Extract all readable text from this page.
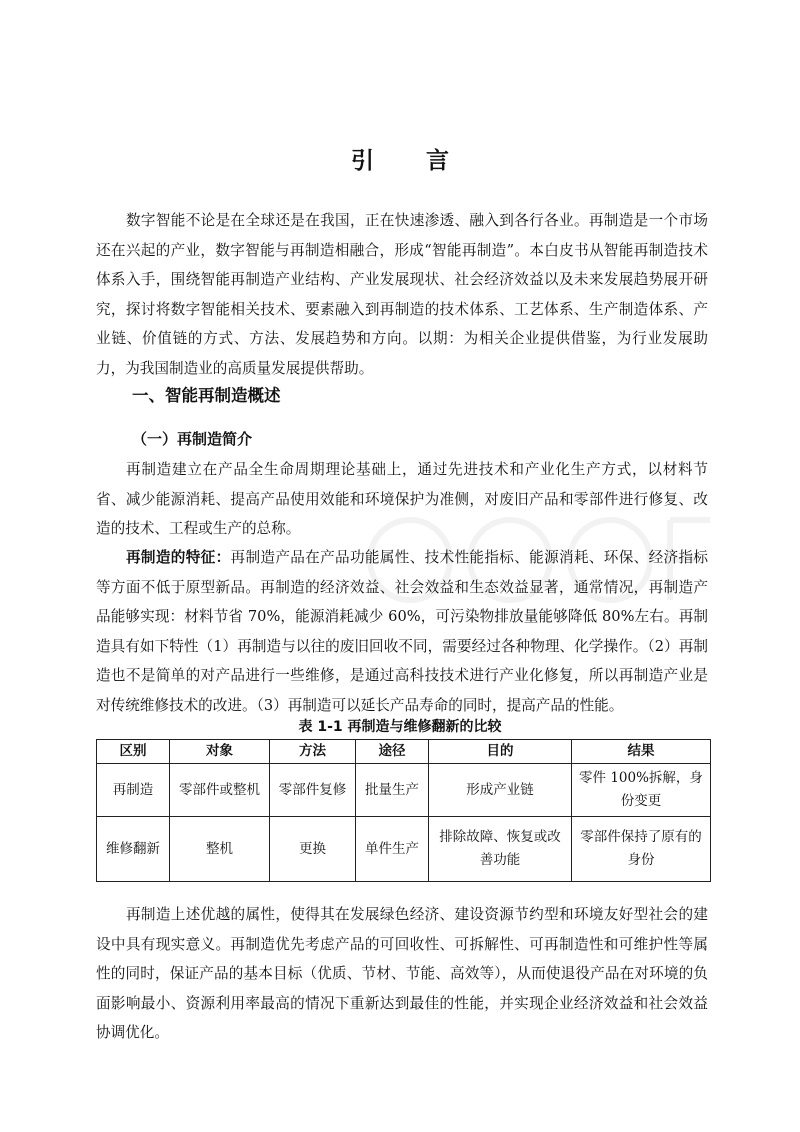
引 言

数字智能不论是在全球还是在我国，正在快速渗透、融入到各行各业。再制造是一个市场还在兴起的产业，数字智能与再制造相融合，形成“智能再制造”。本白皮书从智能再制造技术体系入手，围绕智能再制造产业结构、产业发展现状、社会经济效益以及未来发展趋势展开研究，探讨将数字智能相关技术、要素融入到再制造的技术体系、工艺体系、生产制造体系、产业链、价值链的方式、方法、发展趋势和方向。以期：为相关企业提供借鉴，为行业发展助力，为我国制造业的高质量发展提供帮助。

一、智能再制造概述
（一）再制造简介

再制造建立在产品全生命周期理论基础上，通过先进技术和产业化生产方式，以材料节省、减少能源消耗、提高产品使用效能和环境保护为准侧，对废旧产品和零部件进行修复、改造的技术、工程或生产的总称。

再制造的特征：再制造产品在产品功能属性、技术性能指标、能源消耗、环保、经济指标等方面不低于原型新品。再制造的经济效益、社会效益和生态效益显著，通常情况，再制造产品能够实现：材料节省 70%，能源消耗减少 60%，可污染物排放量能够降低 80%左右。再制造具有如下特性（1）再制造与以往的废旧回收不同，需要经过各种物理、化学操作。（2）再制造也不是简单的对产品进行一些维修，是通过高科技技术进行产业化修复，所以再制造产业是对传统维修技术的改进。（3）再制造可以延长产品寿命的同时，提高产品的性能。

表 1-1 再制造与维修翻新的比较
区别	对象	方法	途径	目的	结果
再制造	零部件或整机	零部件复修	批量生产	形成产业链	零件 100%拆解，身份变更
维修翻新	整机	更换	单件生产	排除故障、恢复或改善功能	零部件保持了原有的身份

再制造上述优越的属性，使得其在发展绿色经济、建设资源节约型和环境友好型社会的建设中具有现实意义。再制造优先考虑产品的可回收性、可拆解性、可再制造性和可维护性等属性的同时，保证产品的基本目标（优质、节材、节能、高效等），从而使退役产品在对环境的负面影响最小、资源利用率最高的情况下重新达到最佳的性能，并实现企业经济效益和社会效益协调优化。
